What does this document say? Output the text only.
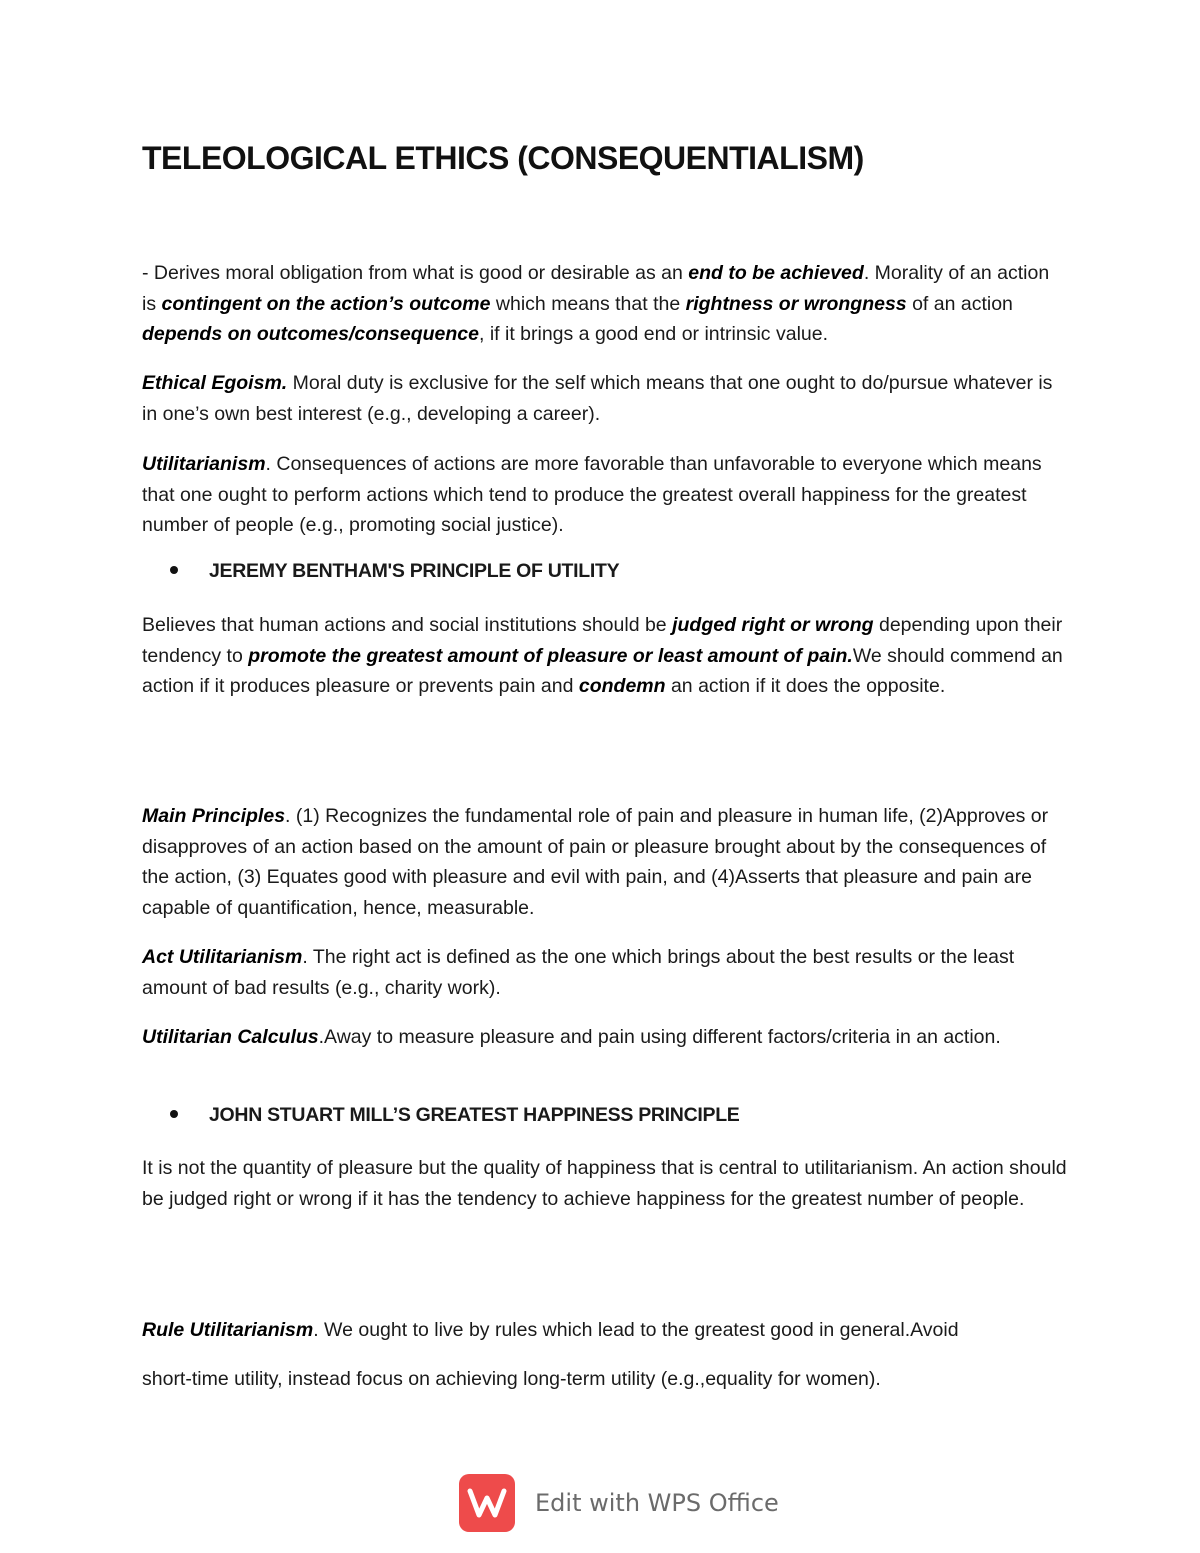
TELEOLOGICAL ETHICS (CONSEQUENTIALISM)

- Derives moral obligation from what is good or desirable as an end to be achieved. Morality of an action is contingent on the action’s outcome which means that the rightness or wrongness of an action depends on outcomes/consequence, if it brings a good end or intrinsic value.

Ethical Egoism. Moral duty is exclusive for the self which means that one ought to do/pursue whatever is in one’s own best interest (e.g., developing a career).

Utilitarianism. Consequences of actions are more favorable than unfavorable to everyone which means that one ought to perform actions which tend to produce the greatest overall happiness for the greatest number of people (e.g., promoting social justice).

JEREMY BENTHAM'S PRINCIPLE OF UTILITY

Believes that human actions and social institutions should be judged right or wrong depending upon their tendency to promote the greatest amount of pleasure or least amount of pain.We should commend an action if it produces pleasure or prevents pain and condemn an action if it does the opposite.

Main Principles. (1) Recognizes the fundamental role of pain and pleasure in human life, (2)Approves or disapproves of an action based on the amount of pain or pleasure brought about by the consequences of the action, (3) Equates good with pleasure and evil with pain, and (4)Asserts that pleasure and pain are capable of quantification, hence, measurable.

Act Utilitarianism. The right act is defined as the one which brings about the best results or the least amount of bad results (e.g., charity work).

Utilitarian Calculus.Away to measure pleasure and pain using different factors/criteria in an action.

JOHN STUART MILL’S GREATEST HAPPINESS PRINCIPLE

It is not the quantity of pleasure but the quality of happiness that is central to utilitarianism. An action should be judged right or wrong if it has the tendency to achieve happiness for the greatest number of people.

Rule Utilitarianism. We ought to live by rules which lead to the greatest good in general.Avoid

short-time utility, instead focus on achieving long-term utility (e.g.,equality for women).

Edit with WPS Office
